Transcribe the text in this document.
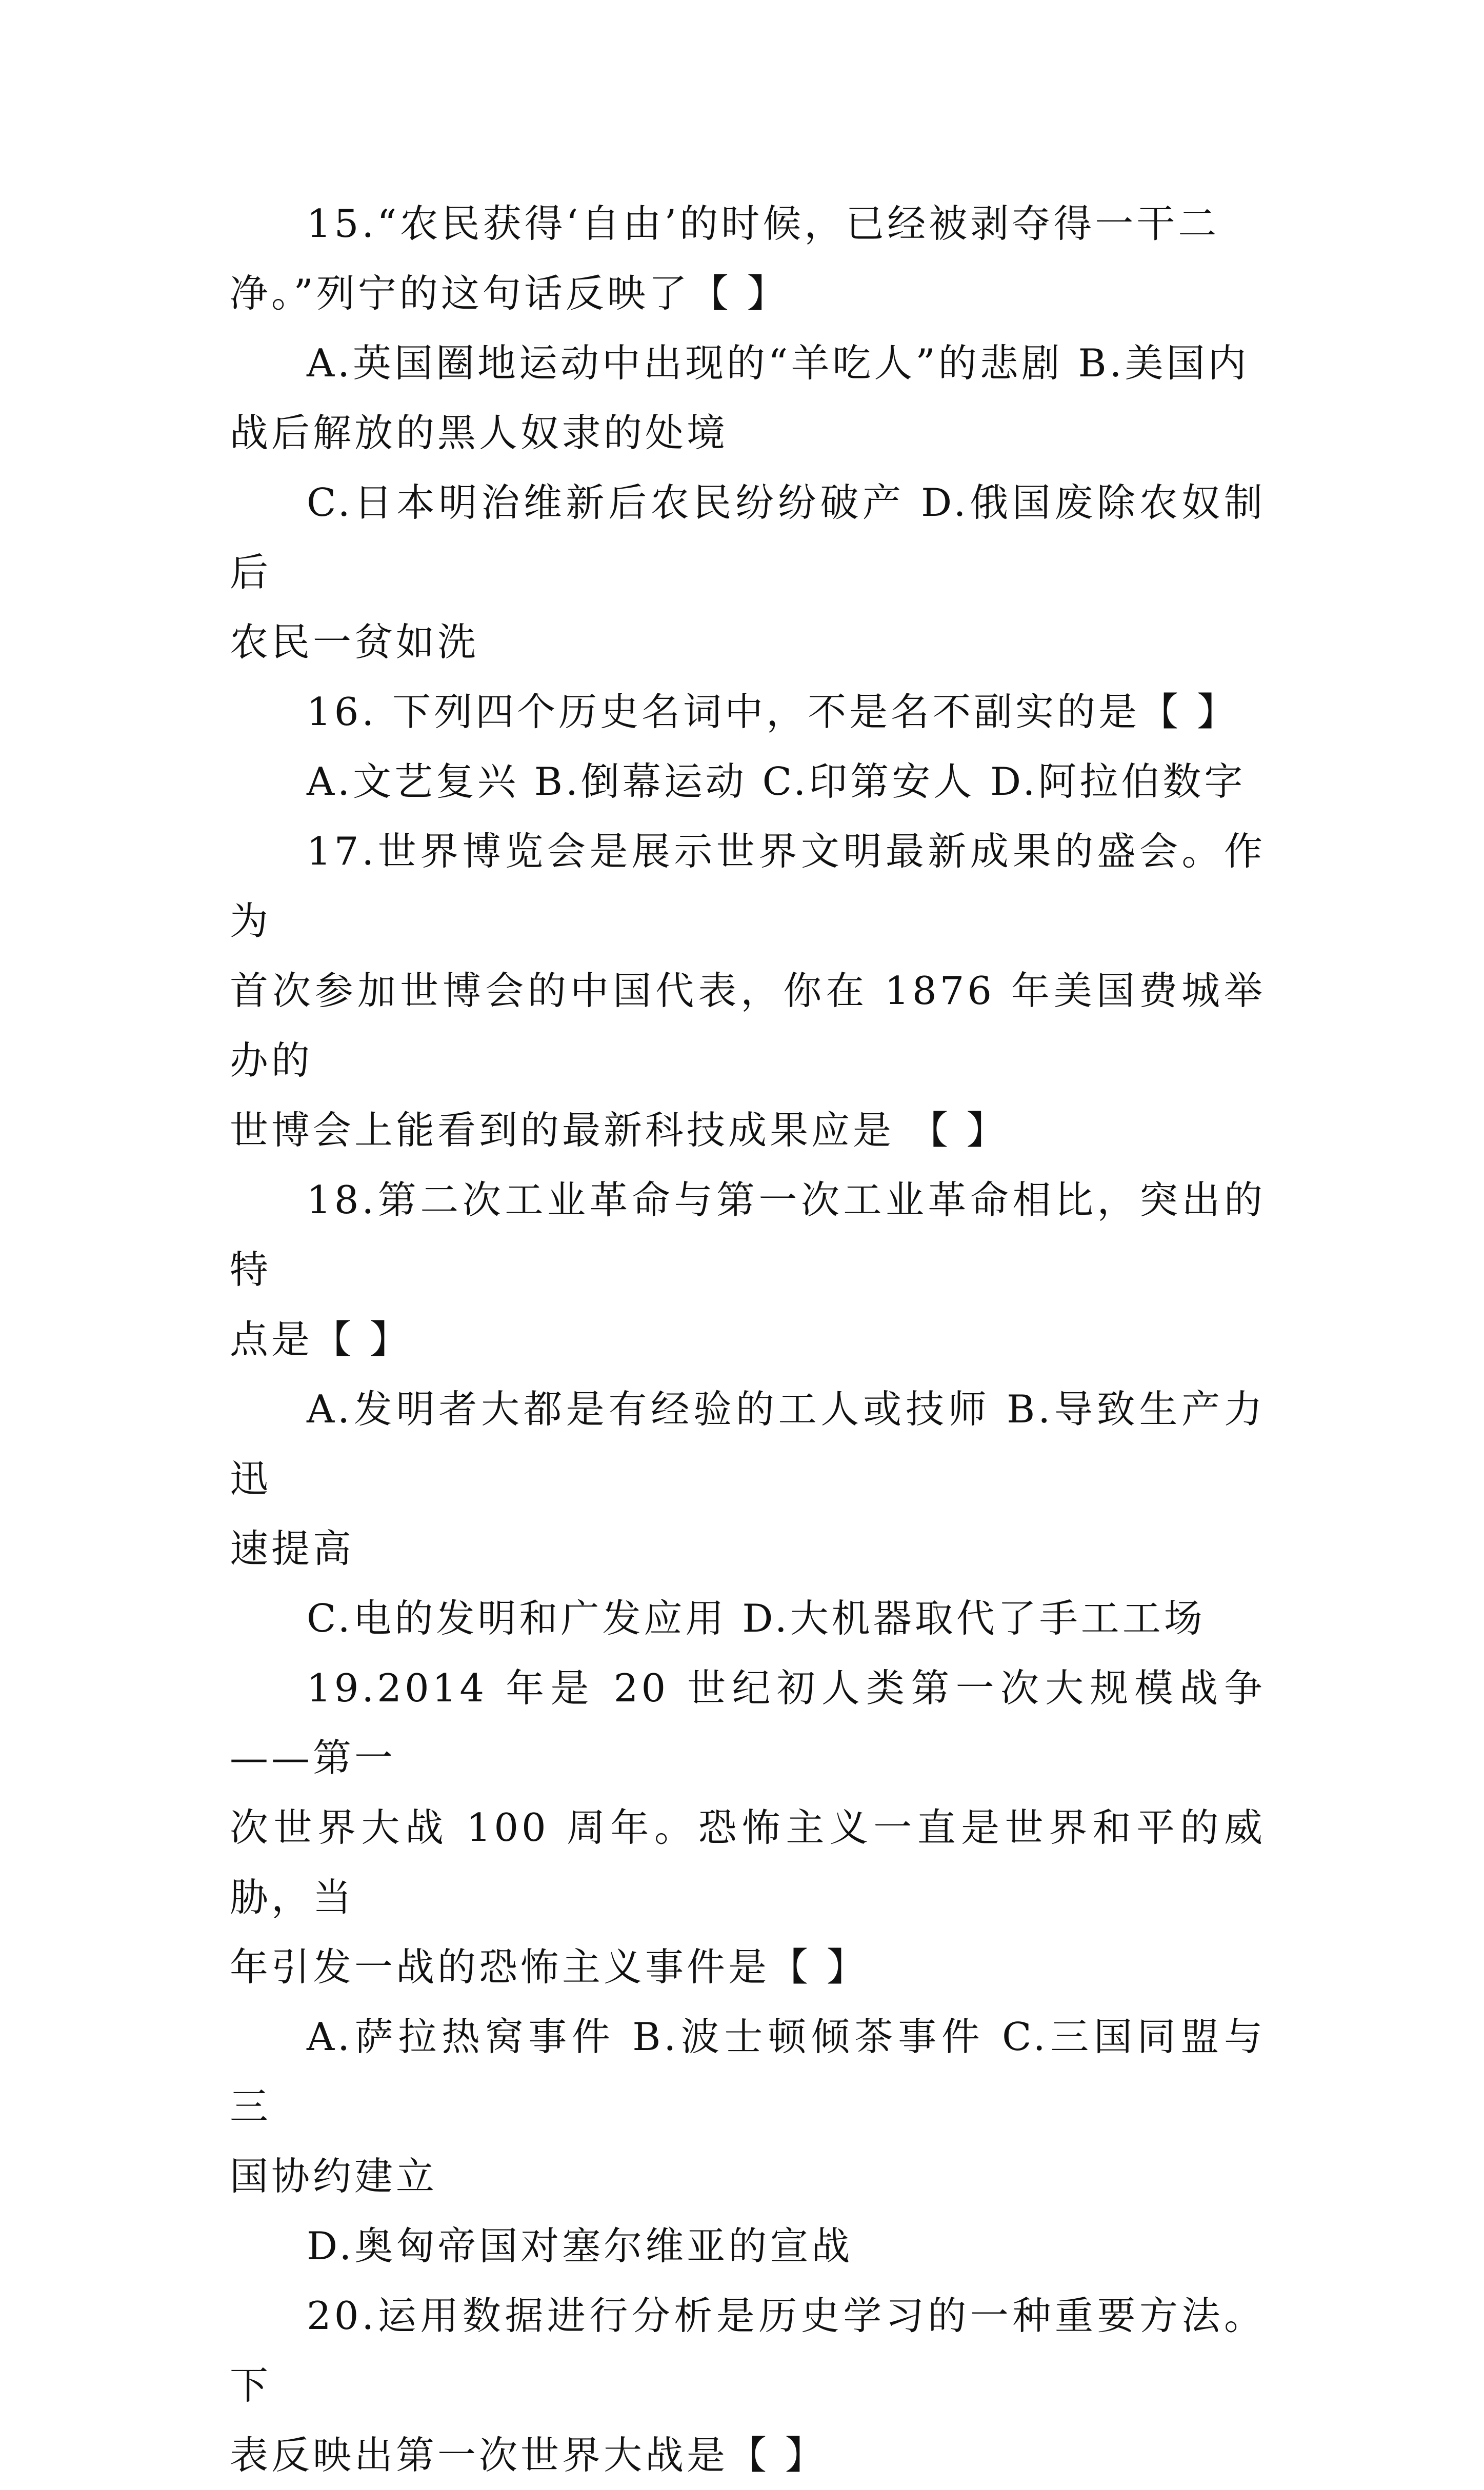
15.“农民获得‘自由’的时候，已经被剥夺得一干二
净。”列宁的这句话反映了【 】

A.英国圈地运动中出现的“羊吃人”的悲剧 B.美国内
战后解放的黑人奴隶的处境

C.日本明治维新后农民纷纷破产 D.俄国废除农奴制后
农民一贫如洗

16. 下列四个历史名词中，不是名不副实的是【 】

A.文艺复兴 B.倒幕运动 C.印第安人 D.阿拉伯数字

17.世界博览会是展示世界文明最新成果的盛会。作为
首次参加世博会的中国代表，你在 1876 年美国费城举办的
世博会上能看到的最新科技成果应是 【 】

18.第二次工业革命与第一次工业革命相比，突出的特
点是【 】

A.发明者大都是有经验的工人或技师 B.导致生产力迅
速提高

C.电的发明和广发应用 D.大机器取代了手工工场

19.2014 年是 20 世纪初人类第一次大规模战争——第一
次世界大战 100 周年。恐怖主义一直是世界和平的威胁，当
年引发一战的恐怖主义事件是【 】

A.萨拉热窝事件 B.波士顿倾茶事件 C.三国同盟与三
国协约建立

D.奥匈帝国对塞尔维亚的宣战

20.运用数据进行分析是历史学习的一种重要方法。下
表反映出第一次世界大战是【 】
